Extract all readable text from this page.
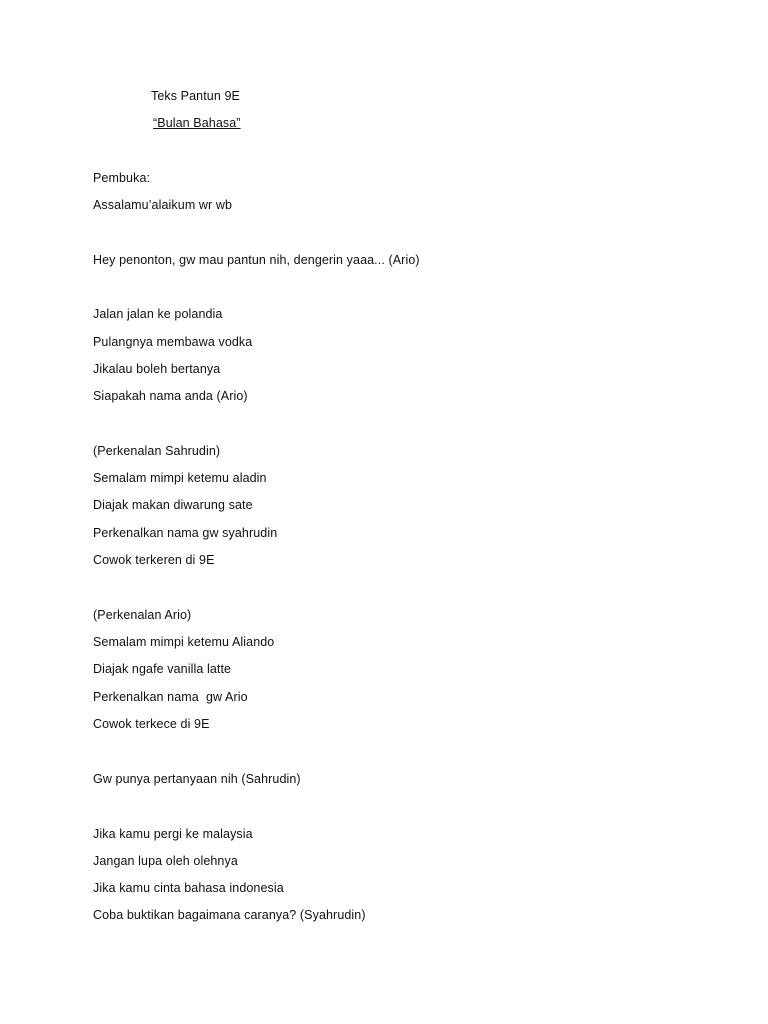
Teks Pantun 9E
“Bulan Bahasa”
Pembuka:
Assalamu’alaikum wr wb
Hey penonton, gw mau pantun nih, dengerin yaaa... (Ario)
Jalan jalan ke polandia
Pulangnya membawa vodka
Jikalau boleh bertanya
Siapakah nama anda (Ario)
(Perkenalan Sahrudin)
Semalam mimpi ketemu aladin
Diajak makan diwarung sate
Perkenalkan nama gw syahrudin
Cowok terkeren di 9E
(Perkenalan Ario)
Semalam mimpi ketemu Aliando
Diajak ngafe vanilla latte
Perkenalkan nama  gw Ario
Cowok terkece di 9E
Gw punya pertanyaan nih (Sahrudin)
Jika kamu pergi ke malaysia
Jangan lupa oleh olehnya
Jika kamu cinta bahasa indonesia
Coba buktikan bagaimana caranya? (Syahrudin)
